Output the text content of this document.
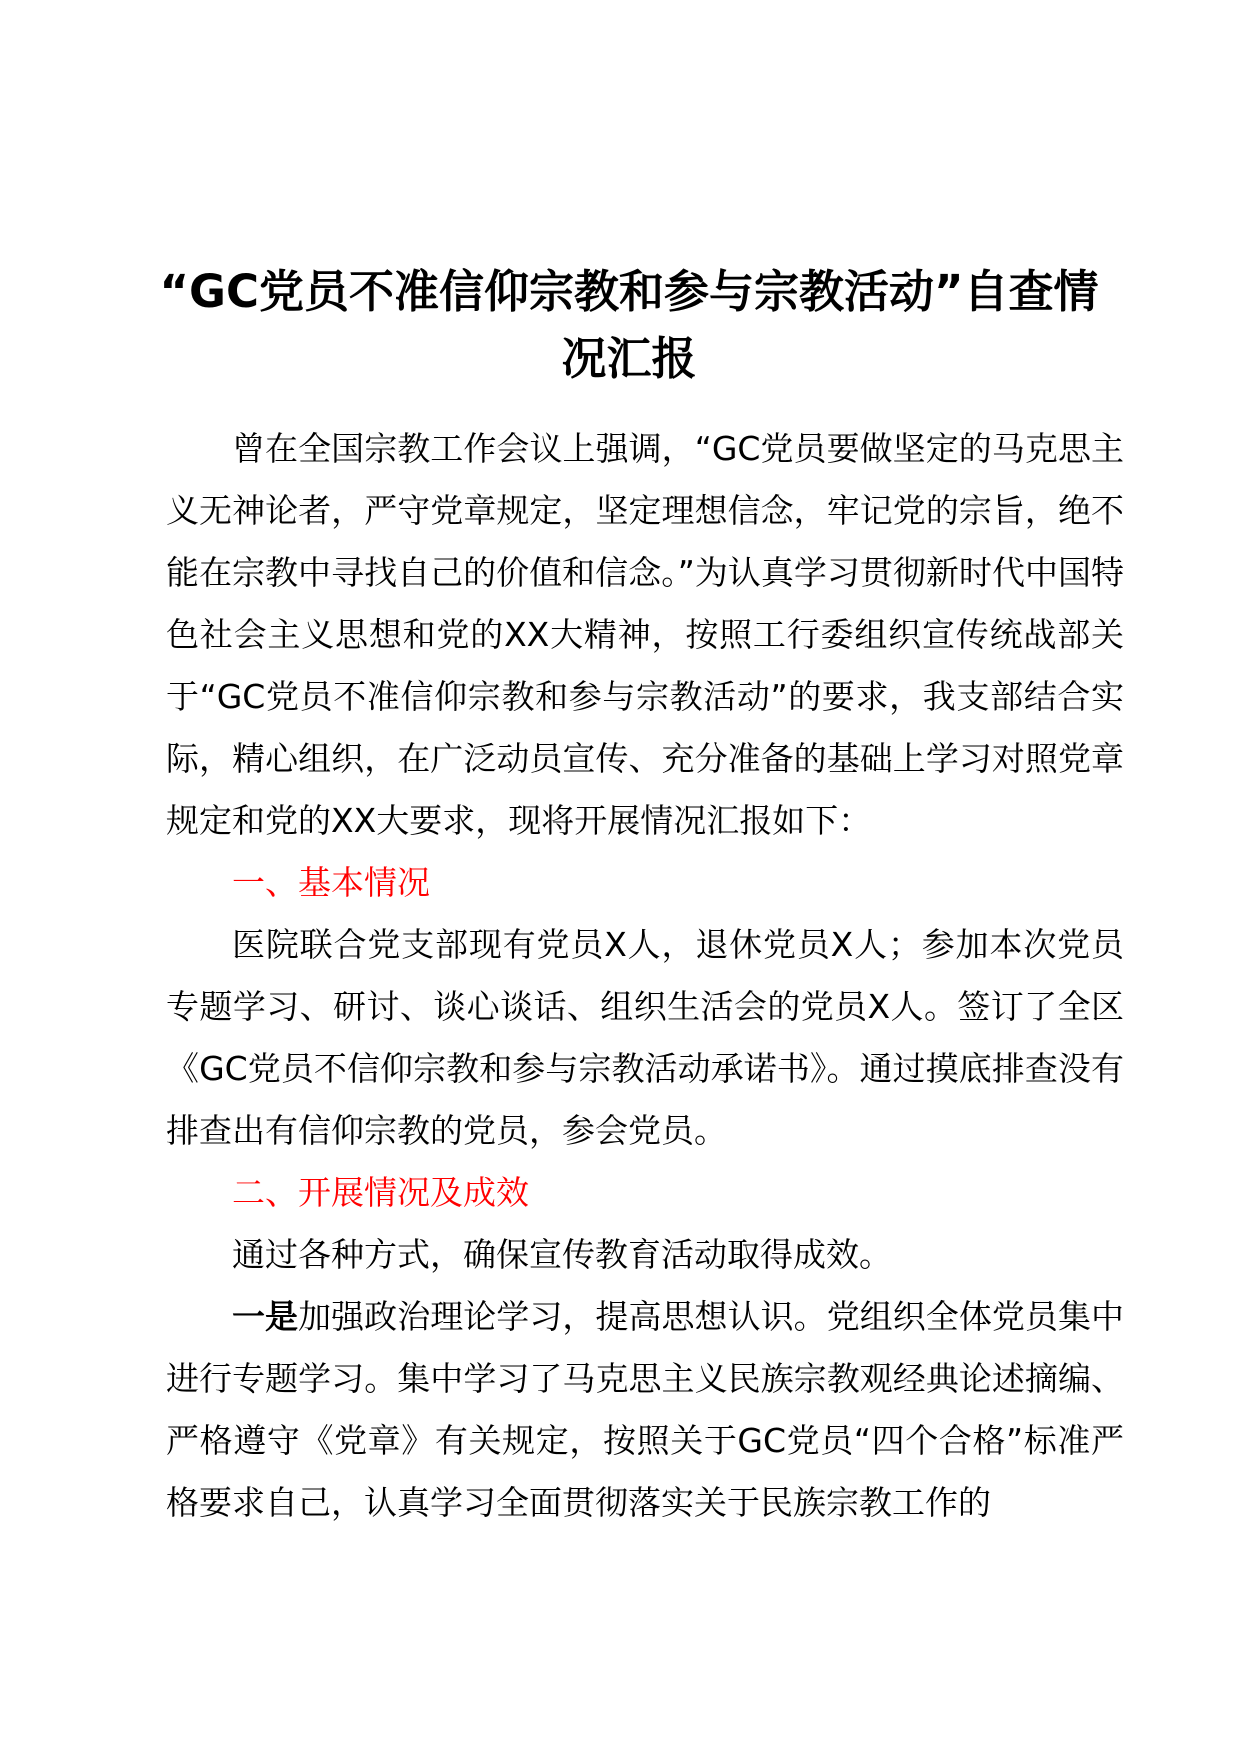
“GC党员不准信仰宗教和参与宗教活动”自查情况汇报

曾在全国宗教工作会议上强调，“GC党员要做坚定的马克思主义无神论者，严守党章规定，坚定理想信念，牢记党的宗旨，绝不能在宗教中寻找自己的价值和信念。”为认真学习贯彻新时代中国特色社会主义思想和党的XX大精神，按照工行委组织宣传统战部关于“GC党员不准信仰宗教和参与宗教活动”的要求，我支部结合实际，精心组织，在广泛动员宣传、充分准备的基础上学习对照党章规定和党的XX大要求，现将开展情况汇报如下：

一、基本情况

医院联合党支部现有党员X人，退休党员X人；参加本次党员专题学习、研讨、谈心谈话、组织生活会的党员X人。签订了全区《GC党员不信仰宗教和参与宗教活动承诺书》。通过摸底排查没有排查出有信仰宗教的党员，参会党员。

二、开展情况及成效

通过各种方式，确保宣传教育活动取得成效。

一是加强政治理论学习，提高思想认识。党组织全体党员集中进行专题学习。集中学习了马克思主义民族宗教观经典论述摘编、严格遵守《党章》有关规定，按照关于GC党员“四个合格”标准严格要求自己，认真学习全面贯彻落实关于民族宗教工作的
